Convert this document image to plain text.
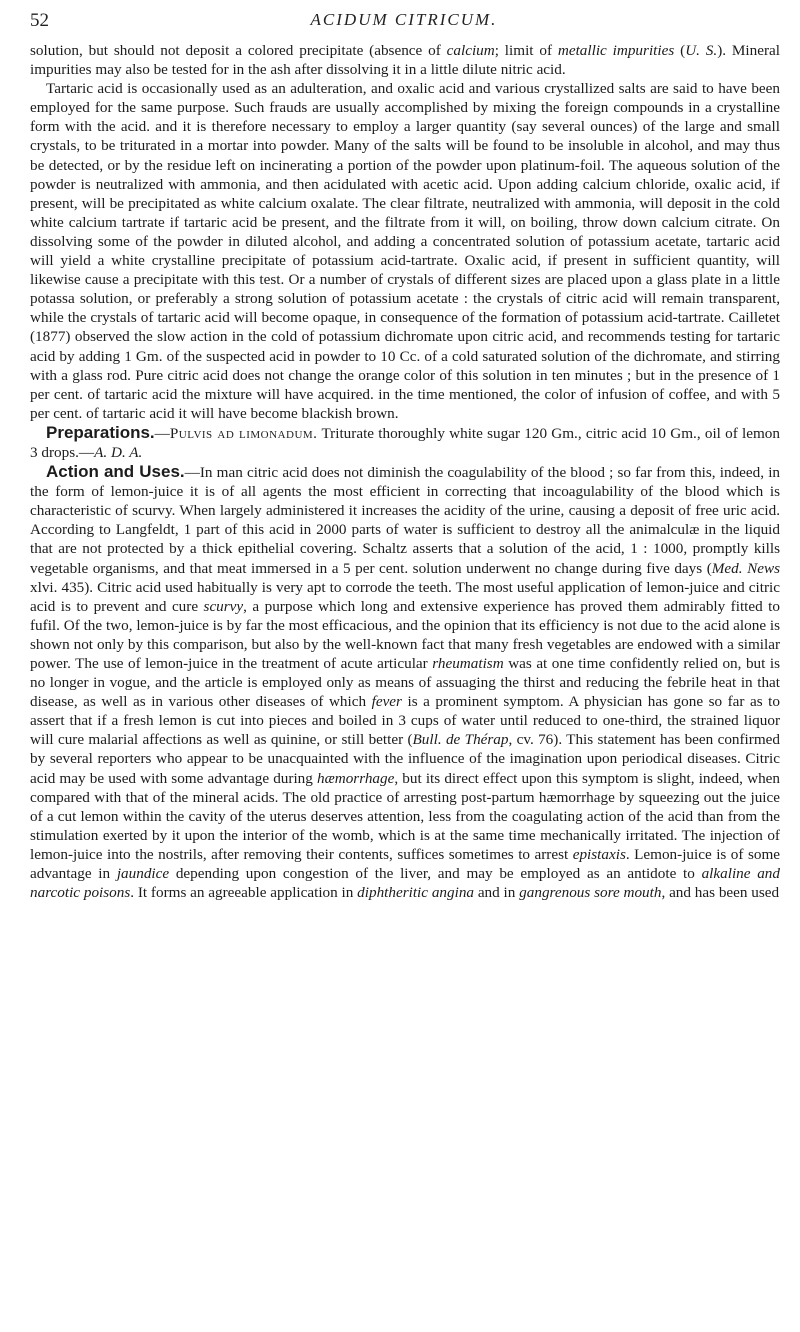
52	ACIDUM CITRICUM.

solution, but should not deposit a colored precipitate (absence of calcium; limit of metallic impurities (U. S.). Mineral impurities may also be tested for in the ash after dissolving it in a little dilute nitric acid.

Tartaric acid is occasionally used as an adulteration, and oxalic acid and various crystallized salts are said to have been employed for the same purpose. Such frauds are usually accomplished by mixing the foreign compounds in a crystalline form with the acid. and it is therefore necessary to employ a larger quantity (say several ounces) of the large and small crystals, to be triturated in a mortar into powder. Many of the salts will be found to be insoluble in alcohol, and may thus be detected, or by the residue left on incinerating a portion of the powder upon platinum-foil. The aqueous solution of the powder is neutralized with ammonia, and then acidulated with acetic acid. Upon adding calcium chloride, oxalic acid, if present, will be precipitated as white calcium oxalate. The clear filtrate, neutralized with ammonia, will deposit in the cold white calcium tartrate if tartaric acid be present, and the filtrate from it will, on boiling, throw down calcium citrate. On dissolving some of the powder in diluted alcohol, and adding a concentrated solution of potassium acetate, tartaric acid will yield a white crystalline precipitate of potassium acid-tartrate. Oxalic acid, if present in sufficient quantity, will likewise cause a precipitate with this test. Or a number of crystals of different sizes are placed upon a glass plate in a little potassa solution, or preferably a strong solution of potassium acetate : the crystals of citric acid will remain transparent, while the crystals of tartaric acid will become opaque, in consequence of the formation of potassium acid-tartrate. Cailletet (1877) observed the slow action in the cold of potassium dichromate upon citric acid, and recommends testing for tartaric acid by adding 1 Gm. of the suspected acid in powder to 10 Cc. of a cold saturated solution of the dichromate, and stirring with a glass rod. Pure citric acid does not change the orange color of this solution in ten minutes ; but in the presence of 1 per cent. of tartaric acid the mixture will have acquired. in the time mentioned, the color of infusion of coffee, and with 5 per cent. of tartaric acid it will have become blackish brown.

Preparations.—Pulvis ad limonadum. Triturate thoroughly white sugar 120 Gm., citric acid 10 Gm., oil of lemon 3 drops.—A. D. A.

Action and Uses.—In man citric acid does not diminish the coagulability of the blood ; so far from this, indeed, in the form of lemon-juice it is of all agents the most efficient in correcting that incoagulability of the blood which is characteristic of scurvy. When largely administered it increases the acidity of the urine, causing a deposit of free uric acid. According to Langfeldt, 1 part of this acid in 2000 parts of water is sufficient to destroy all the animalculæ in the liquid that are not protected by a thick epithelial covering. Schaltz asserts that a solution of the acid, 1 : 1000, promptly kills vegetable organisms, and that meat immersed in a 5 per cent. solution underwent no change during five days (Med. News xlvi. 435). Citric acid used habitually is very apt to corrode the teeth. The most useful application of lemon-juice and citric acid is to prevent and cure scurvy, a purpose which long and extensive experience has proved them admirably fitted to fufil. Of the two, lemon-juice is by far the most efficacious, and the opinion that its efficiency is not due to the acid alone is shown not only by this comparison, but also by the well-known fact that many fresh vegetables are endowed with a similar power. The use of lemon-juice in the treatment of acute articular rheumatism was at one time confidently relied on, but is no longer in vogue, and the article is employed only as means of assuaging the thirst and reducing the febrile heat in that disease, as well as in various other diseases of which fever is a prominent symptom. A physician has gone so far as to assert that if a fresh lemon is cut into pieces and boiled in 3 cups of water until reduced to one-third, the strained liquor will cure malarial affections as well as quinine, or still better (Bull. de Thérap, cv. 76). This statement has been confirmed by several reporters who appear to be unacquainted with the influence of the imagination upon periodical diseases. Citric acid may be used with some advantage during hæmorrhage, but its direct effect upon this symptom is slight, indeed, when compared with that of the mineral acids. The old practice of arresting post-partum hæmorrhage by squeezing out the juice of a cut lemon within the cavity of the uterus deserves attention, less from the coagulating action of the acid than from the stimulation exerted by it upon the interior of the womb, which is at the same time mechanically irritated. The injection of lemon-juice into the nostrils, after removing their contents, suffices sometimes to arrest epistaxis. Lemon-juice is of some advantage in jaundice depending upon congestion of the liver, and may be employed as an antidote to alkaline and narcotic poisons. It forms an agreeable application in diphtheritic angina and in gangrenous sore mouth, and has been used
